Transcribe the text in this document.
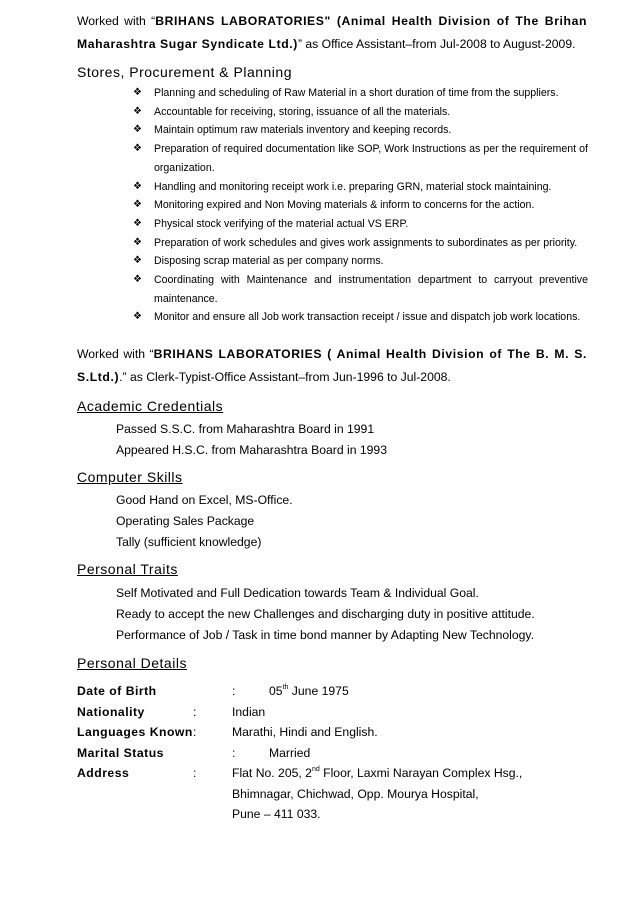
Worked with “BRIHANS LABORATORIES" (Animal Health Division of The Brihan Maharashtra Sugar Syndicate Ltd.)” as Office Assistant–from Jul-2008 to August-2009.
Stores, Procurement & Planning
❖ Planning and scheduling of Raw Material in a short duration of time from the suppliers.
❖ Accountable for receiving, storing, issuance of all the materials.
❖ Maintain optimum raw materials inventory and keeping records.
❖ Preparation of required documentation like SOP, Work Instructions as per the requirement of organization.
❖ Handling and monitoring receipt work i.e. preparing GRN, material stock maintaining.
❖ Monitoring expired and Non Moving materials & inform to concerns for the action.
❖ Physical stock verifying of the material actual VS ERP.
❖ Preparation of work schedules and gives work assignments to subordinates as per priority.
❖ Disposing scrap material as per company norms.
❖ Coordinating with Maintenance and instrumentation department to carryout preventive maintenance.
❖ Monitor and ensure all Job work transaction receipt / issue and dispatch job work locations.
Worked with “BRIHANS LABORATORIES ( Animal Health Division of The B. M. S. S.Ltd.).” as Clerk-Typist-Office Assistant–from Jun-1996 to Jul-2008.
Academic Credentials
Passed S.S.C. from Maharashtra Board in 1991
Appeared H.S.C. from Maharashtra Board in 1993
Computer Skills
Good Hand on Excel, MS-Office.
Operating Sales Package
Tally (sufficient knowledge)
Personal Traits
Self Motivated and Full Dedication towards Team & Individual Goal.
Ready to accept the new Challenges and discharging duty in positive attitude.
Performance of Job / Task in time bond manner by Adapting New Technology.
Personal Details
Date of Birth	:	05th June 1975
Nationality	:	Indian
Languages Known :	Marathi, Hindi and English.
Marital Status	:	Married
Address	:	Flat No. 205, 2nd Floor, Laxmi Narayan Complex Hsg.,
Bhimnagar, Chichwad, Opp. Mourya Hospital,
Pune – 411 033.
